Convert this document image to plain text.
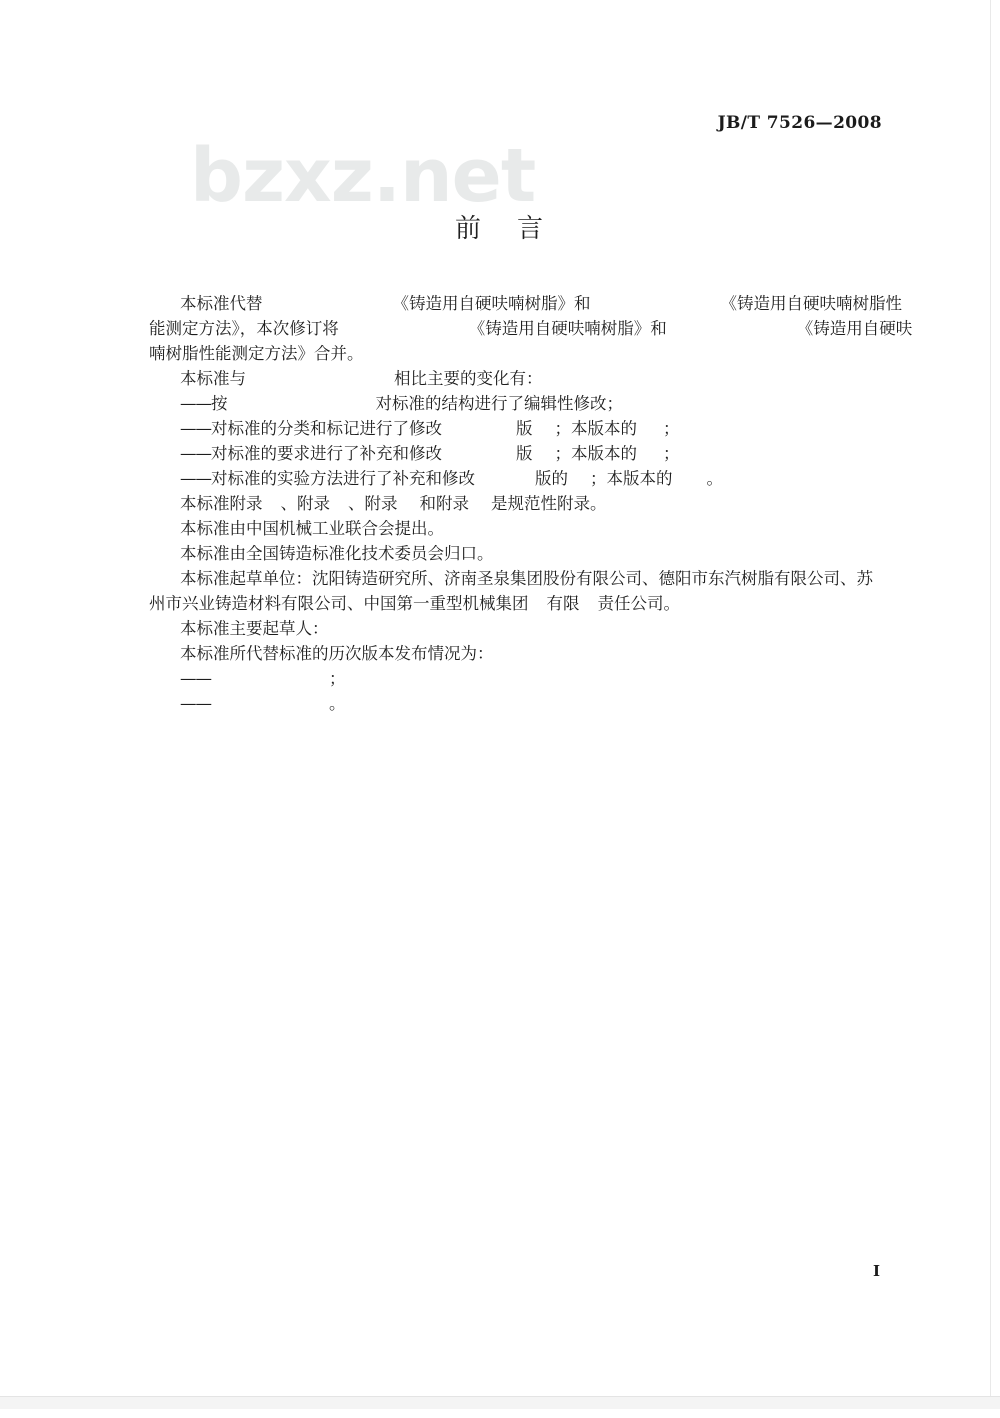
bzxz.net
JB/T 7526—2008
前 言
本标准代替	《铸造用自硬呋喃树脂》和	《铸造用自硬呋喃树脂性
能测定方法》，本次修订将	《铸造用自硬呋喃树脂》和	《铸造用自硬呋
喃树脂性能测定方法》合并。
本标准与	相比主要的变化有：
——按	对标准的结构进行了编辑性修改；
——对标准的分类和标记进行了修改	版 ；本版本的 ；
——对标准的要求进行了补充和修改	版 ；本版本的 ；
——对标准的实验方法进行了补充和修改	版的 ；本版本的 。
本标准附录 、附录 、附录 和附录 是规范性附录。
本标准由中国机械工业联合会提出。
本标准由全国铸造标准化技术委员会归口。
本标准起草单位：沈阳铸造研究所、济南圣泉集团股份有限公司、德阳市东汽树脂有限公司、苏
州市兴业铸造材料有限公司、中国第一重型机械集团 有限 责任公司。
本标准主要起草人：
本标准所代替标准的历次版本发布情况为：
——	；
——	。
I
